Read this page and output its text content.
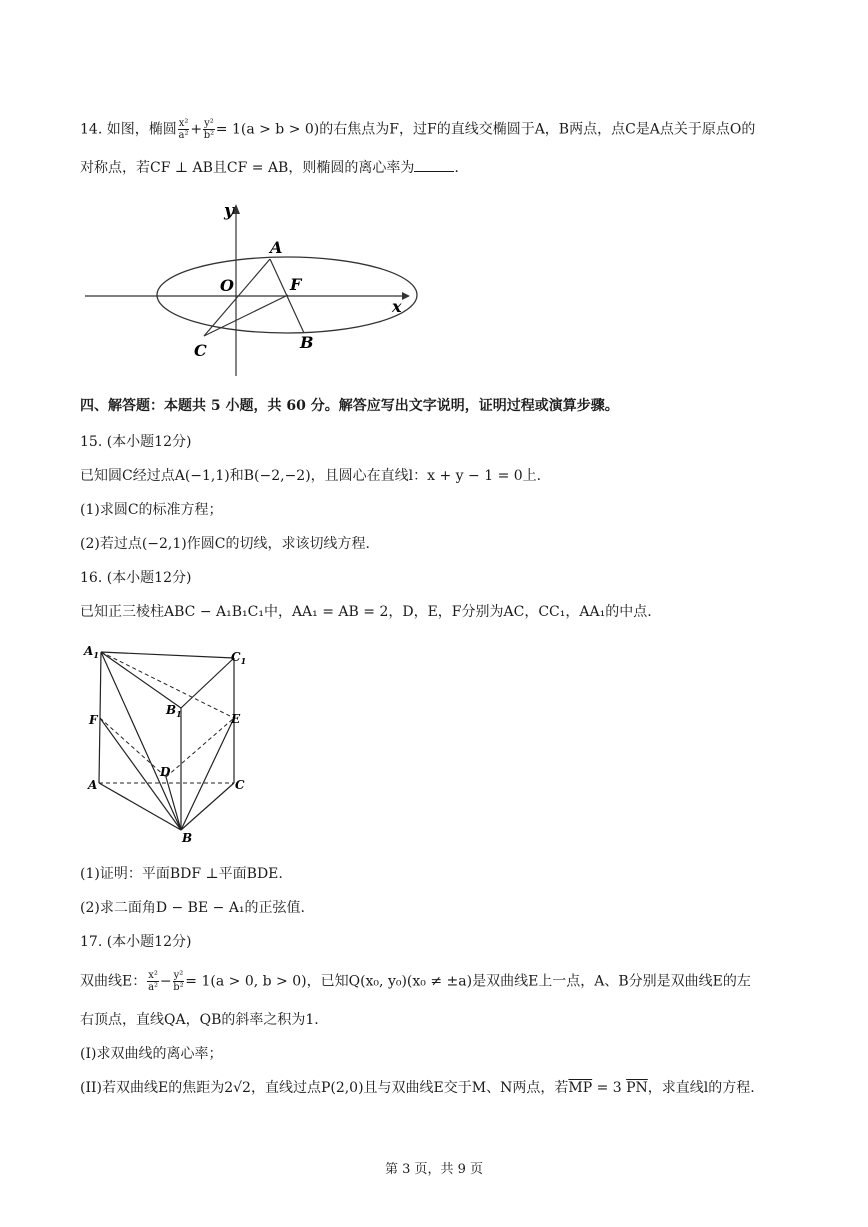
14. 如图，椭圆 $\frac{\text{x²}}{\text{a²}} + \frac{\text{y²}}{\text{b²}} = 1(a > b > 0)$的右焦点为F，过F的直线交椭圆于A，B两点，点C是A点关于原点O的
对称点，若CF ⊥ AB且CF = AB，则椭圆的离心率为	.
y
x
O
A
F
B
C
四、解答题：本题共 5 小题，共 60 分。解答应写出文字说明，证明过程或演算步骤。
15. (本小题12分)
已知圆C经过点A(−1,1)和B(−2,−2)，且圆心在直线l：x + y − 1 = 0上.
(1)求圆C的标准方程；
(2)若过点(−2,1)作圆C的切线，求该切线方程.
16. (本小题12分)
已知正三棱柱ABC − A₁B₁C₁中，AA₁ = AB = 2，D，E，F分别为AC，CC₁，AA₁的中点.
$A_1$	$C_1$
$B_1$
F	E
D
A	C
B
(1)证明：平面BDF ⊥平面BDE.
(2)求二面角D − BE − A₁的正弦值.
17. (本小题12分)
双曲线E： $\frac{\text{x²}}{\text{a²}} - \frac{\text{y²}}{\text{b²}} = 1(a > 0$, b > 0)，已知Q(x₀, y₀)(x₀ ≠ ±a)是双曲线E上一点，A、B分别是双曲线E的左
右顶点，直线QA，QB的斜率之积为1.
(I)求双曲线的离心率；
(II)若双曲线E的焦距为2√2，直线过点P(2,0)且与双曲线E交于M、N两点，若$\overline{MP} = 3$ $\overline{PN}$，求直线l的方程.
第 3 页，共 9 页
